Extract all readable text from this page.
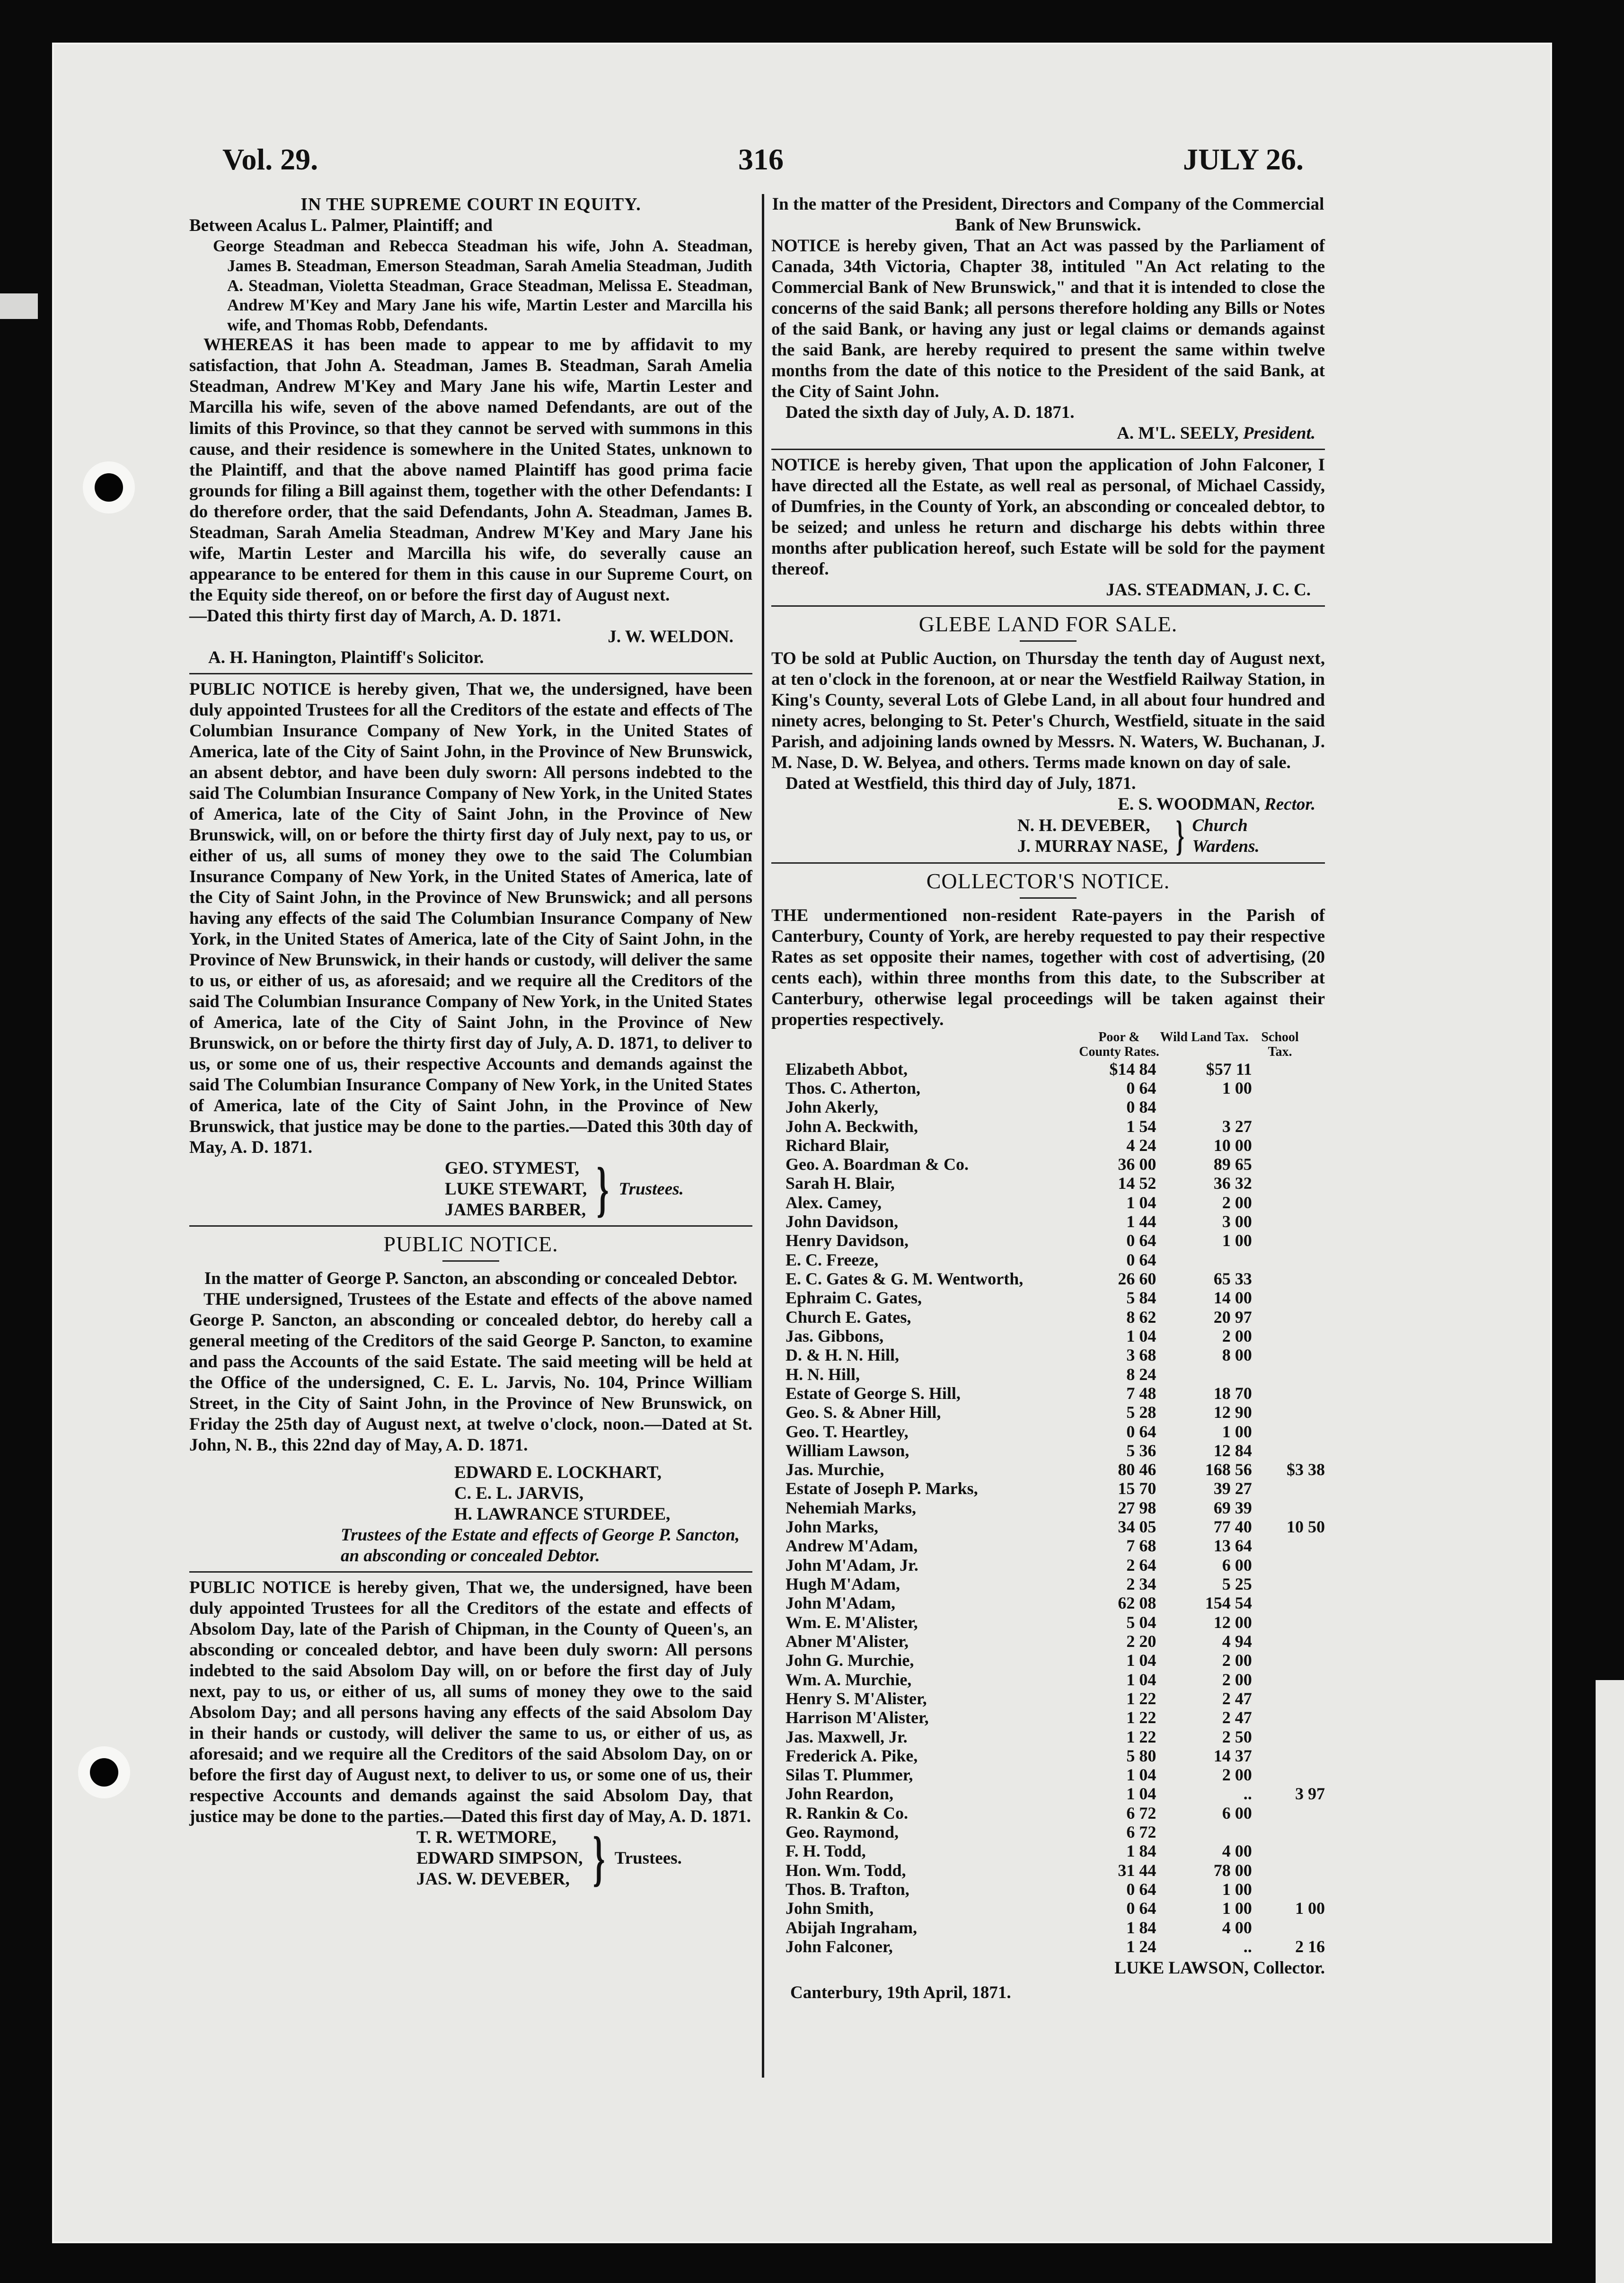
Vol. 29.	316	JULY 26.

IN THE SUPREME COURT IN EQUITY.

Between Acalus L. Palmer, Plaintiff; and

George Steadman and Rebecca Steadman his wife, John A. Steadman, James B. Steadman, Emerson Steadman, Sarah Amelia Steadman, Judith A. Steadman, Violetta Steadman, Grace Steadman, Melissa E. Steadman, Andrew M'Key and Mary Jane his wife, Martin Lester and Marcilla his wife, and Thomas Robb, Defendants.

WHEREAS it has been made to appear to me by affidavit to my satisfaction, that John A. Steadman, James B. Steadman, Sarah Amelia Steadman, Andrew M'Key and Mary Jane his wife, Martin Lester and Marcilla his wife, seven of the above named Defendants, are out of the limits of this Province, so that they cannot be served with summons in this cause, and their residence is somewhere in the United States, unknown to the Plaintiff, and that the above named Plaintiff has good prima facie grounds for filing a Bill against them, together with the other Defendants: I do therefore order, that the said Defendants, John A. Steadman, James B. Steadman, Sarah Amelia Steadman, Andrew M'Key and Mary Jane his wife, Martin Lester and Marcilla his wife, do severally cause an appearance to be entered for them in this cause in our Supreme Court, on the Equity side thereof, on or before the first day of August next.

—Dated this thirty first day of March, A. D. 1871.

J. W. WELDON.

A. H. Hanington, Plaintiff's Solicitor.

PUBLIC NOTICE is hereby given, That we, the undersigned, have been duly appointed Trustees for all the Creditors of the estate and effects of The Columbian Insurance Company of New York, in the United States of America, late of the City of Saint John, in the Province of New Brunswick, an absent debtor, and have been duly sworn: All persons indebted to the said The Columbian Insurance Company of New York, in the United States of America, late of the City of Saint John, in the Province of New Brunswick, will, on or before the thirty first day of July next, pay to us, or either of us, all sums of money they owe to the said The Columbian Insurance Company of New York, in the United States of America, late of the City of Saint John, in the Province of New Brunswick; and all persons having any effects of the said The Columbian Insurance Company of New York, in the United States of America, late of the City of Saint John, in the Province of New Brunswick, in their hands or custody, will deliver the same to us, or either of us, as aforesaid; and we require all the Creditors of the said The Columbian Insurance Company of New York, in the United States of America, late of the City of Saint John, in the Province of New Brunswick, on or before the thirty first day of July, A. D. 1871, to deliver to us, or some one of us, their respective Accounts and demands against the said The Columbian Insurance Company of New York, in the United States of America, late of the City of Saint John, in the Province of New Brunswick, that justice may be done to the parties.—Dated this 30th day of May, A. D. 1871.

GEO. STYMEST,
LUKE STEWART,
JAMES BARBER, } Trustees.

PUBLIC NOTICE.

In the matter of George P. Sancton, an absconding or concealed Debtor.

THE undersigned, Trustees of the Estate and effects of the above named George P. Sancton, an absconding or concealed debtor, do hereby call a general meeting of the Creditors of the said George P. Sancton, to examine and pass the Accounts of the said Estate. The said meeting will be held at the Office of the undersigned, C. E. L. Jarvis, No. 104, Prince William Street, in the City of Saint John, in the Province of New Brunswick, on Friday the 25th day of August next, at twelve o'clock, noon.—Dated at St. John, N. B., this 22nd day of May, A. D. 1871.

EDWARD E. LOCKHART,

C. E. L. JARVIS,

H. LAWRANCE STURDEE,

Trustees of the Estate and effects of George P. Sancton, an absconding or concealed Debtor.

PUBLIC NOTICE is hereby given, That we, the undersigned, have been duly appointed Trustees for all the Creditors of the estate and effects of Absolom Day, late of the Parish of Chipman, in the County of Queen's, an absconding or concealed debtor, and have been duly sworn: All persons indebted to the said Absolom Day will, on or before the first day of July next, pay to us, or either of us, all sums of money they owe to the said Absolom Day; and all persons having any effects of the said Absolom Day in their hands or custody, will deliver the same to us, or either of us, as aforesaid; and we require all the Creditors of the said Absolom Day, on or before the first day of August next, to deliver to us, or some one of us, their respective Accounts and demands against the said Absolom Day, that justice may be done to the parties.—Dated this first day of May, A. D. 1871.

T. R. WETMORE,
EDWARD SIMPSON,
JAS. W. DEVEBER, } Trustees.

In the matter of the President, Directors and Company of the Commercial Bank of New Brunswick.

NOTICE is hereby given, That an Act was passed by the Parliament of Canada, 34th Victoria, Chapter 38, intituled "An Act relating to the Commercial Bank of New Brunswick," and that it is intended to close the concerns of the said Bank; all persons therefore holding any Bills or Notes of the said Bank, or having any just or legal claims or demands against the said Bank, are hereby required to present the same within twelve months from the date of this notice to the President of the said Bank, at the City of Saint John.

Dated the sixth day of July, A. D. 1871.

A. M'L. SEELY, President.

NOTICE is hereby given, That upon the application of John Falconer, I have directed all the Estate, as well real as personal, of Michael Cassidy, of Dumfries, in the County of York, an absconding or concealed debtor, to be seized; and unless he return and discharge his debts within three months after publication hereof, such Estate will be sold for the payment thereof.

JAS. STEADMAN, J. C. C.

GLEBE LAND FOR SALE.

TO be sold at Public Auction, on Thursday the tenth day of August next, at ten o'clock in the forenoon, at or near the Westfield Railway Station, in King's County, several Lots of Glebe Land, in all about four hundred and ninety acres, belonging to St. Peter's Church, Westfield, situate in the said Parish, and adjoining lands owned by Messrs. N. Waters, W. Buchanan, J. M. Nase, D. W. Belyea, and others. Terms made known on day of sale.

Dated at Westfield, this third day of July, 1871.

E. S. WOODMAN, Rector.

N. H. DEVEBER,
J. MURRAY NASE, } Church
Wardens.

COLLECTOR'S NOTICE.

THE undermentioned non-resident Rate-payers in the Parish of Canterbury, County of York, are hereby requested to pay their respective Rates as set opposite their names, together with cost of advertising, (20 cents each), within three months from this date, to the Subscriber at Canterbury, otherwise legal proceedings will be taken against their properties respectively.

Poor & County Rates.
Wild Land Tax. School Tax.
Elizabeth Abbot,	$14 84	$57 11	
Thos. C. Atherton,	0 64	1 00	
John Akerly,	0 84		
John A. Beckwith,	1 54	3 27	
Richard Blair,	4 24	10 00	
Geo. A. Boardman & Co.	36 00	89 65	
Sarah H. Blair,	14 52	36 32	
Alex. Camey,	1 04	2 00	
John Davidson,	1 44	3 00	
Henry Davidson,	0 64	1 00	
E. C. Freeze,	0 64		
E. C. Gates & G. M. Wentworth,	26 60	65 33	
Ephraim C. Gates,	5 84	14 00	
Church E. Gates,	8 62	20 97	
Jas. Gibbons,	1 04	2 00	
D. & H. N. Hill,	3 68	8 00	
H. N. Hill,	8 24		
Estate of George S. Hill,	7 48	18 70	
Geo. S. & Abner Hill,	5 28	12 90	
Geo. T. Heartley,	0 64	1 00	
William Lawson,	5 36	12 84	
Jas. Murchie,	80 46	168 56	$3 38
Estate of Joseph P. Marks,	15 70	39 27	
Nehemiah Marks,	27 98	69 39	
John Marks,	34 05	77 40	10 50
Andrew M'Adam,	7 68	13 64	
John M'Adam, Jr.	2 64	6 00	
Hugh M'Adam,	2 34	5 25	
John M'Adam,	62 08	154 54	
Wm. E. M'Alister,	5 04	12 00	
Abner M'Alister,	2 20	4 94	
John G. Murchie,	1 04	2 00	
Wm. A. Murchie,	1 04	2 00	
Henry S. M'Alister,	1 22	2 47	
Harrison M'Alister,	1 22	2 47	
Jas. Maxwell, Jr.	1 22	2 50	
Frederick A. Pike,	5 80	14 37	
Silas T. Plummer,	1 04	2 00	
John Reardon,	1 04	..	3 97
R. Rankin & Co.	6 72	6 00	
Geo. Raymond,	6 72		
F. H. Todd,	1 84	4 00	
Hon. Wm. Todd,	31 44	78 00	
Thos. B. Trafton,	0 64	1 00	
John Smith,	0 64	1 00	1 00
Abijah Ingraham,	1 84	4 00	
John Falconer,	1 24	..	2 16

LUKE LAWSON, Collector.

Canterbury, 19th April, 1871.
